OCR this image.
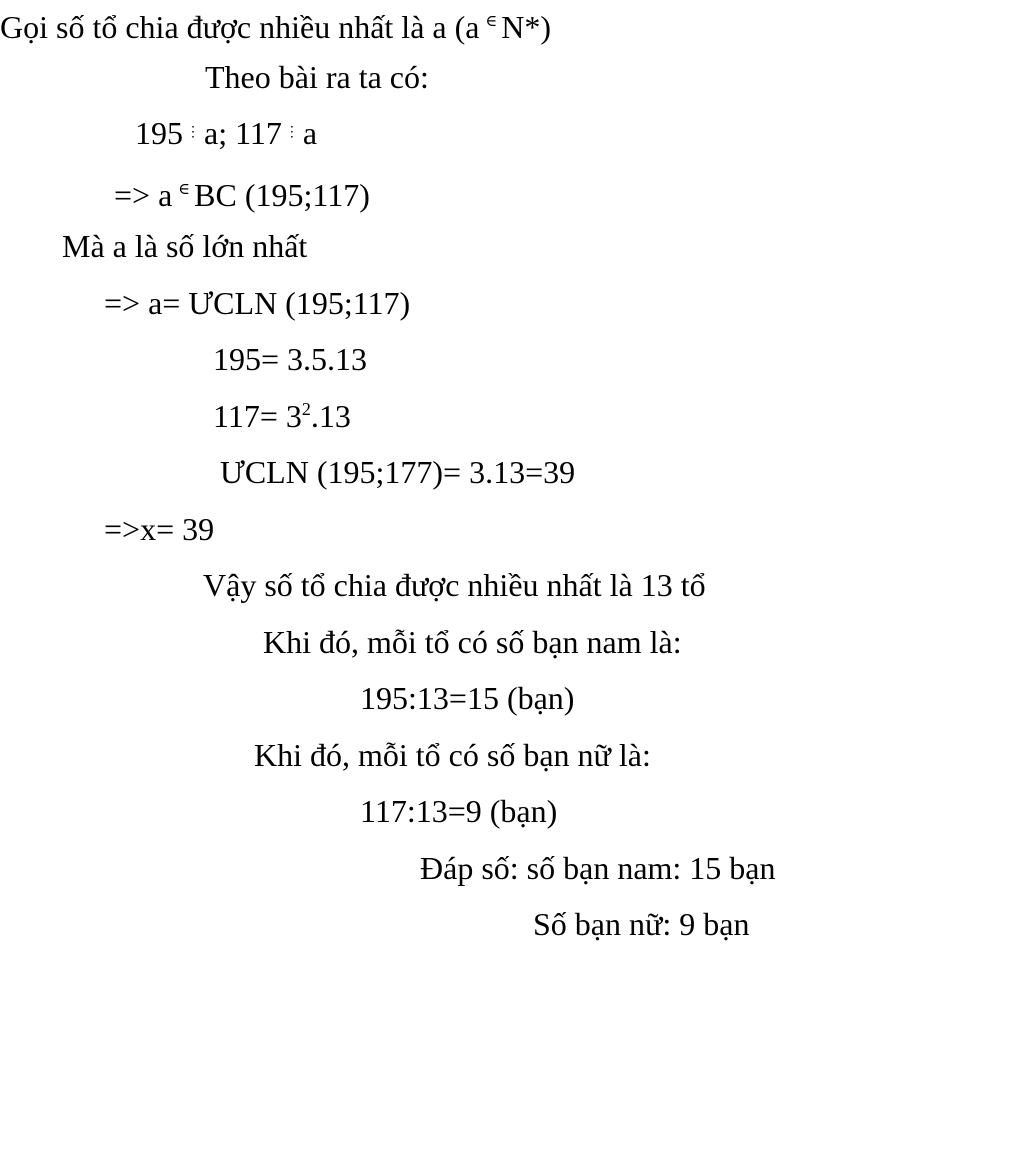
Gọi số tổ chia được nhiều nhất là a (a ∈ N*)
Theo bài ra ta có:
195 ⋮ a; 117 ⋮ a
=> a ∈ BC (195;117)
Mà a là số lớn nhất
=> a= ƯCLN (195;117)
195= 3.5.13
$117= 3^2.13$
ƯCLN (195;177)= 3.13=39
=>x= 39
Vậy số tổ chia được nhiều nhất là 13 tổ
Khi đó, mỗi tổ có số bạn nam là:
195:13=15 (bạn)
Khi đó, mỗi tổ có số bạn nữ là:
117:13=9 (bạn)
Đáp số: số bạn nam: 15 bạn
Số bạn nữ: 9 bạn
